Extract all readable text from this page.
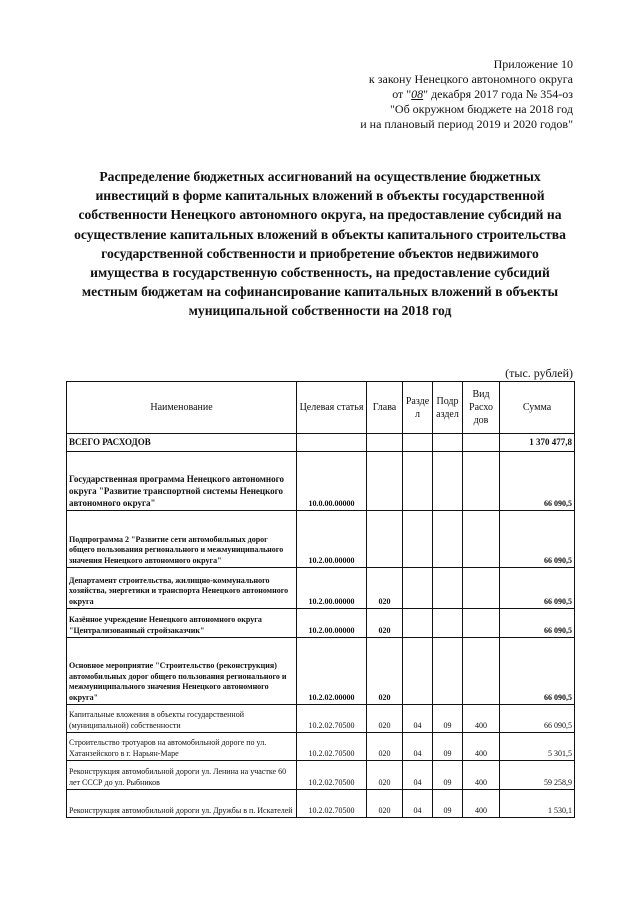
Приложение 10
к закону Ненецкого автономного округа
от "08" декабря 2017 года № 354-оз
"Об окружном бюджете на 2018 год
и на плановый период 2019 и 2020 годов"
Распределение бюджетных ассигнований на осуществление бюджетных инвестиций в форме капитальных вложений в объекты государственной собственности Ненецкого автономного округа, на предоставление субсидий на осуществление капитальных вложений в объекты капитального строительства государственной собственности и приобретение объектов недвижимого имущества в государственную собственность, на предоставление субсидий местным бюджетам на софинансирование капитальных вложений в объекты муниципальной собственности на 2018 год
(тыс. рублей)
Наименование	Целевая статья	Глава	Разде л	Подр аздел	Вид Расхо дов	Сумма
ВСЕГО РАСХОДОВ						1 370 477,8
Государственная программа Ненецкого автономного округа "Развитие транспортной системы Ненецкого автономного округа"	10.0.00.00000					66 090,5
Подпрограмма 2 "Развитие сети автомобильных дорог общего пользования регионального и межмуниципального значения Ненецкого автономного округа"	10.2.00.00000					66 090,5
Департамент строительства, жилищно-коммунального хозяйства, энергетики и транспорта Ненецкого автономного округа	10.2.00.00000	020				66 090,5
Казённое учреждение Ненецкого автономного округа "Централизованный стройзаказчик"	10.2.00.00000	020				66 090,5
Основное мероприятие "Строительство (реконструкция) автомобильных дорог общего пользования регионального и межмуниципального значения Ненецкого автономного округа"	10.2.02.00000	020				66 090,5
Капитальные вложения в объекты государственной (муниципальной) собственности	10.2.02.70500	020	04	09	400	66 090,5
Строительство тротуаров на автомобильной дороге по ул. Хатанзейского в г. Нарьян-Маре	10.2.02.70500	020	04	09	400	5 301,5
Реконструкция автомобильной дороги ул. Ленина на участке 60 лет СССР до ул. Рыбников	10.2.02.70500	020	04	09	400	59 258,9
Реконструкция автомобильной дороги ул. Дружбы в п. Искателей	10.2.02.70500	020	04	09	400	1 530,1
